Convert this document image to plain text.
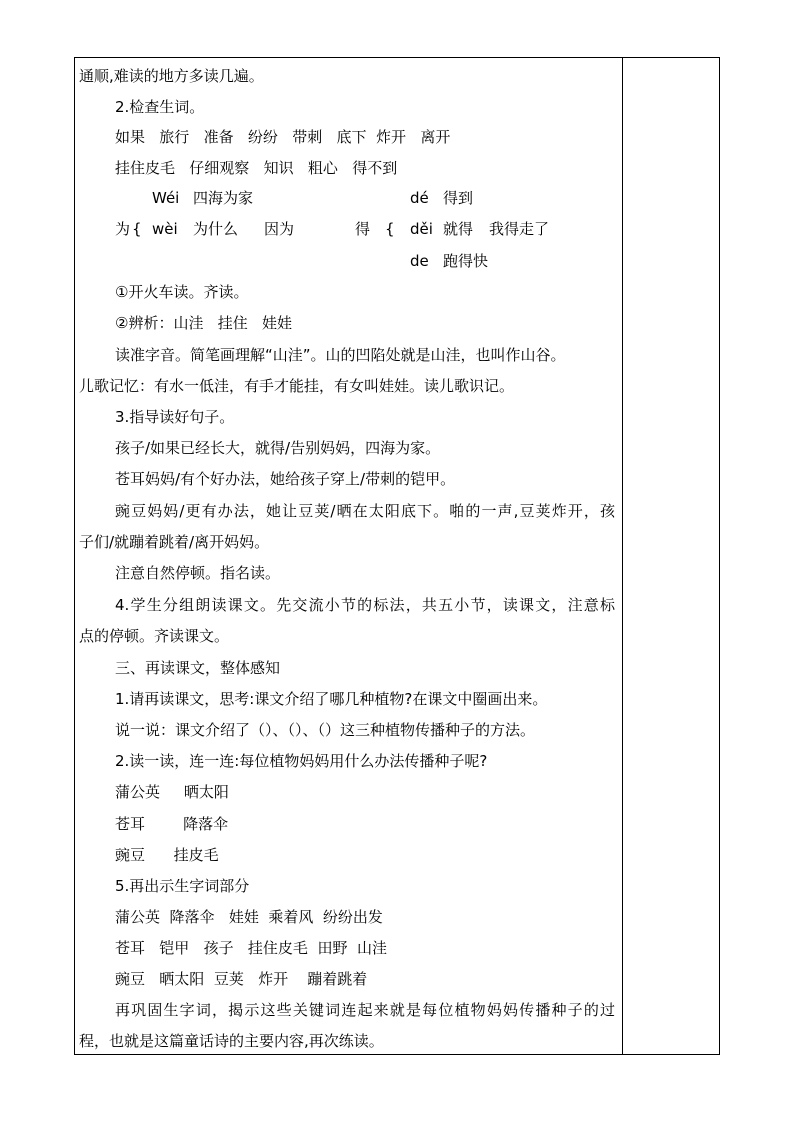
通顺,难读的地方多读几遍。
2.检查生词。
如果   旅行   准备   纷纷   带刺   底下  炸开   离开
挂住皮毛   仔细观察   知识   粗心   得不到
Wéi 四海为家	dé 得到
为 { wèi 为什么 因为	得 { děi 就得 我得走了
de 跑得快
①开火车读。齐读。
②辨析：山洼   挂住   娃娃
读准字音。简笔画理解“山洼”。山的凹陷处就是山洼，也叫作山谷。
儿歌记忆：有水一低洼，有手才能挂，有女叫娃娃。读儿歌识记。
3.指导读好句子。
孩子/如果已经长大，就得/告别妈妈，四海为家。
苍耳妈妈/有个好办法，她给孩子穿上/带刺的铠甲。
豌豆妈妈/更有办法，她让豆荚/晒在太阳底下。啪的一声,豆荚炸开，孩
子们/就蹦着跳着/离开妈妈。
注意自然停顿。指名读。
4.学生分组朗读课文。先交流小节的标法，共五小节，读课文，注意标
点的停顿。齐读课文。
三、再读课文，整体感知
1.请再读课文，思考:课文介绍了哪几种植物?在课文中圈画出来。
说一说：课文介绍了（）、（）、（）这三种植物传播种子的方法。
2.读一读，连一连:每位植物妈妈用什么办法传播种子呢?
蒲公英     晒太阳
苍耳        降落伞
豌豆      挂皮毛
5.再出示生字词部分
蒲公英  降落伞   娃娃  乘着风  纷纷出发
苍耳   铠甲   孩子   挂住皮毛  田野  山洼
豌豆   晒太阳  豆荚   炸开    蹦着跳着
再巩固生字词，揭示这些关键词连起来就是每位植物妈妈传播种子的过
程，也就是这篇童话诗的主要内容,再次练读。
